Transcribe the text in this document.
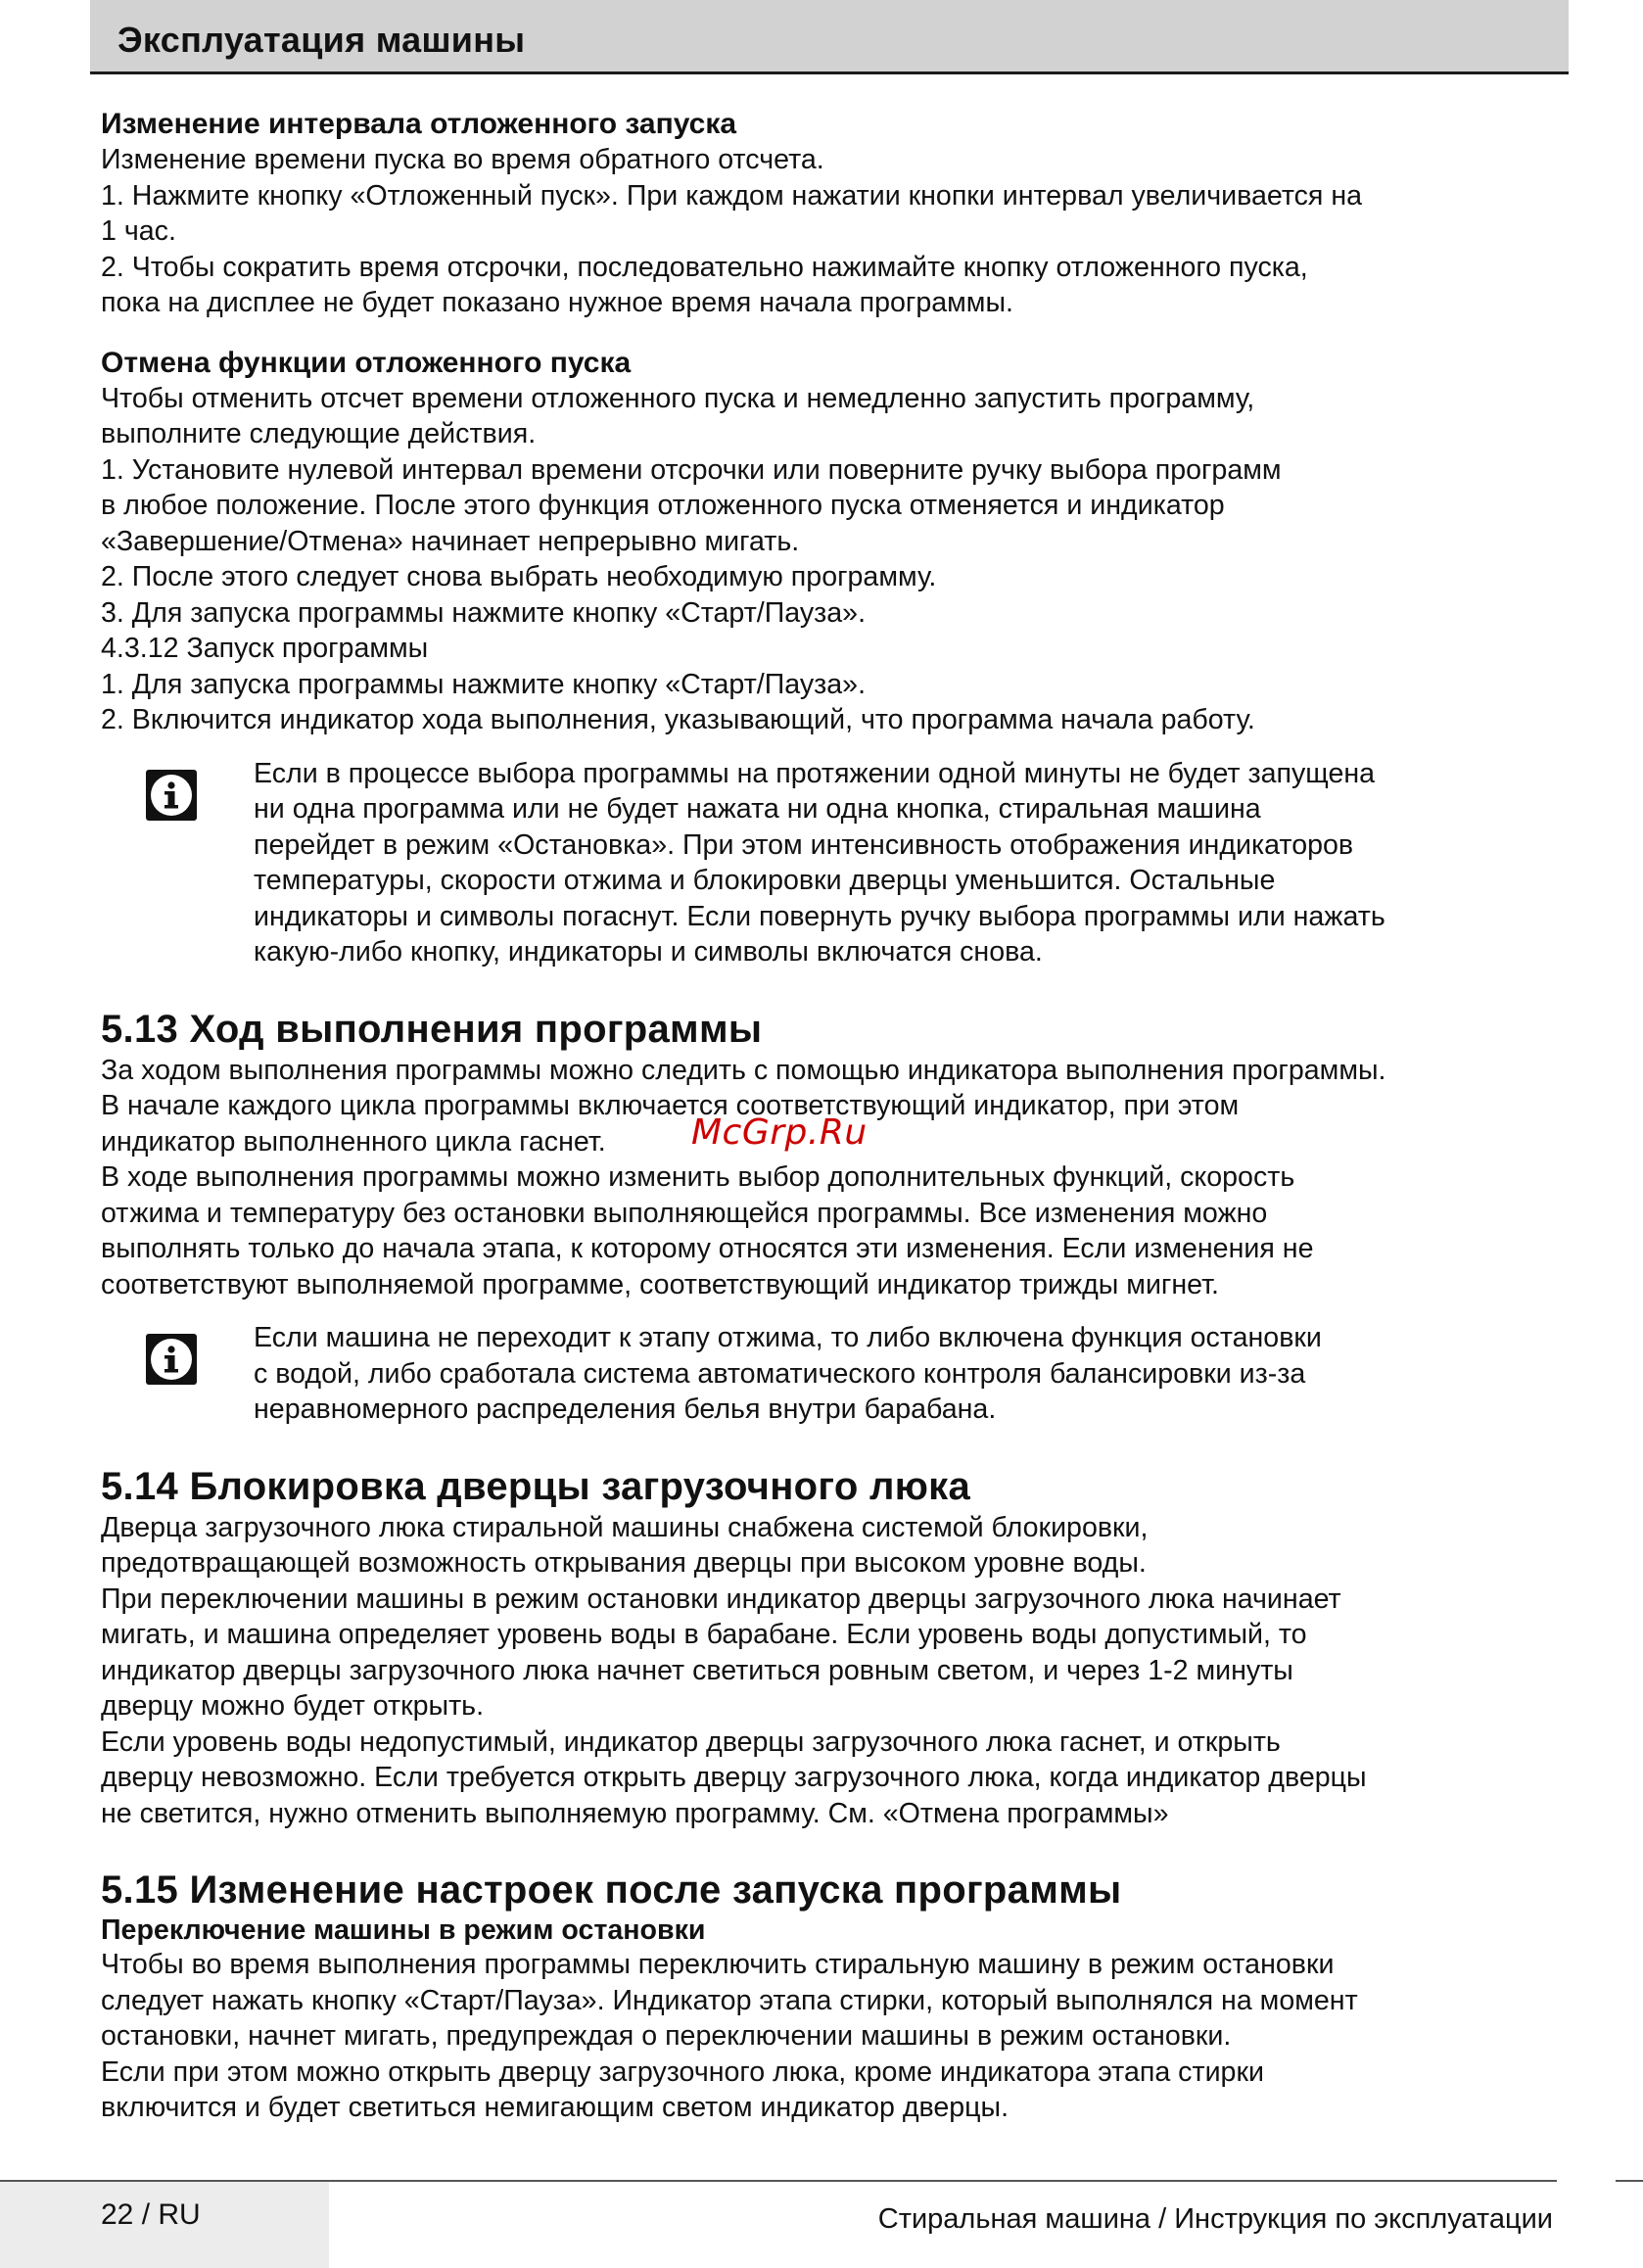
Эксплуатация машины
Изменение интервала отложенного запуска

Изменение времени пуска во время обратного отсчета.

1. Нажмите кнопку «Отложенный пуск». При каждом нажатии кнопки интервал увеличивается на

1 час.

2. Чтобы сократить время отсрочки, последовательно нажимайте кнопку отложенного пуска,

пока на дисплее не будет показано нужное время начала программы.

Отмена функции отложенного пуска

Чтобы отменить отсчет времени отложенного пуска и немедленно запустить программу,

выполните следующие действия.

1. Установите нулевой интервал времени отсрочки или поверните ручку выбора программ

в любое положение. После этого функция отложенного пуска отменяется и индикатор

«Завершение/Отмена» начинает непрерывно мигать.

2. После этого следует снова выбрать необходимую программу.

3. Для запуска программы нажмите кнопку «Старт/Пауза».

4.3.12 Запуск программы

1. Для запуска программы нажмите кнопку «Старт/Пауза».

2. Включится индикатор хода выполнения, указывающий, что программа начала работу.

Если в процессе выбора программы на протяжении одной минуты не будет запущена

ни одна программа или не будет нажата ни одна кнопка, стиральная машина

перейдет в режим «Остановка». При этом интенсивность отображения индикаторов

температуры, скорости отжима и блокировки дверцы уменьшится. Остальные

индикаторы и символы погаснут. Если повернуть ручку выбора программы или нажать

какую-либо кнопку, индикаторы и символы включатся снова.

5.13 Ход выполнения программы

За ходом выполнения программы можно следить с помощью индикатора выполнения программы.

В начале каждого цикла программы включается соответствующий индикатор, при этом

индикатор выполненного цикла гаснет.

В ходе выполнения программы можно изменить выбор дополнительных функций, скорость

отжима и температуру без остановки выполняющейся программы. Все изменения можно

выполнять только до начала этапа, к которому относятся эти изменения. Если изменения не

соответствуют выполняемой программе, соответствующий индикатор трижды мигнет.

Если машина не переходит к этапу отжима, то либо включена функция остановки

с водой, либо сработала система автоматического контроля балансировки из-за

неравномерного распределения белья внутри барабана.

5.14 Блокировка дверцы загрузочного люка

Дверца загрузочного люка стиральной машины снабжена системой блокировки,

предотвращающей возможность открывания дверцы при высоком уровне воды.

При переключении машины в режим остановки индикатор дверцы загрузочного люка начинает

мигать, и машина определяет уровень воды в барабане. Если уровень воды допустимый, то

индикатор дверцы загрузочного люка начнет светиться ровным светом, и через 1-2 минуты

дверцу можно будет открыть.

Если уровень воды недопустимый, индикатор дверцы загрузочного люка гаснет, и открыть

дверцу невозможно. Если требуется открыть дверцу загрузочного люка, когда индикатор дверцы

не светится, нужно отменить выполняемую программу. См. «Отмена программы»

5.15 Изменение настроек после запуска программы
Переключение машины в режим остановки

Чтобы во время выполнения программы переключить стиральную машину в режим остановки

следует нажать кнопку «Старт/Пауза». Индикатор этапа стирки, который выполнялся на момент

остановки, начнет мигать, предупреждая о переключении машины в режим остановки.

Если при этом можно открыть дверцу загрузочного люка, кроме индикатора этапа стирки

включится и будет светиться немигающим светом индикатор дверцы.

McGrp.Ru
22 / RU	Стиральная машина / Инструкция по эксплуатации
